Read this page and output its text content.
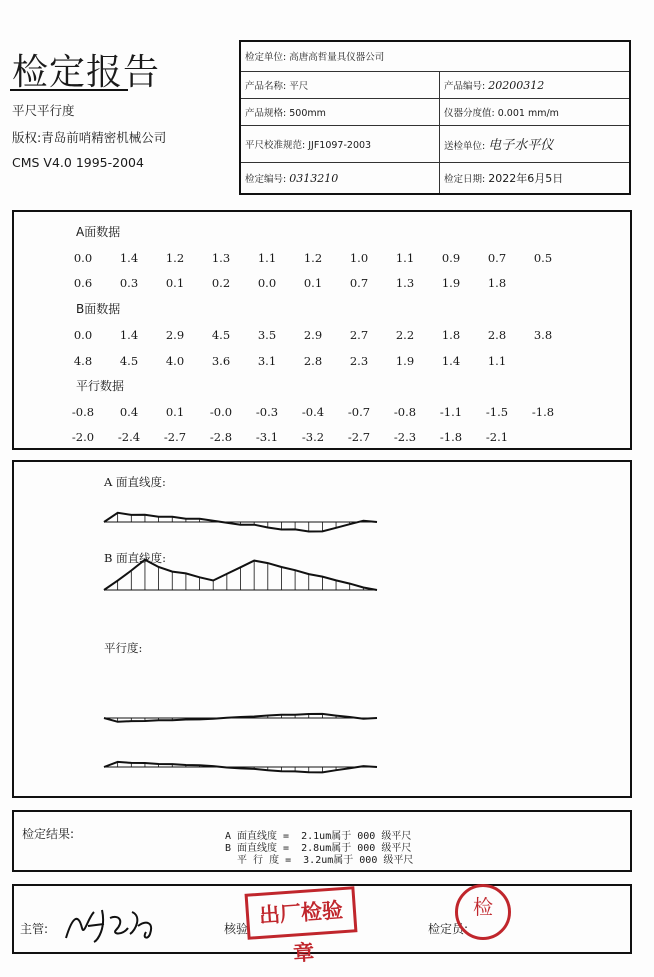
检定报告
平尺平行度
版权:青岛前哨精密机械公司
CMS V4.0 1995-2004
检定单位: 高唐高哲量具仪器公司	
产品名称: 平尺	产品编号: 20200312
产品规格: 500mm	仪器分度值: 0.001 mm/m
平尺校准规范: JJF1097-2003	送检单位: 电子水平仪
检定编号: 0313210	检定日期: 2022年6月5日
A面数据
0.0	1.4	1.2	1.3	1.1	1.2	1.0	1.1	0.9	0.7	0.5
0.6	0.3	0.1	0.2	0.0	0.1	0.7	1.3	1.9	1.8
B面数据
0.0	1.4	2.9	4.5	3.5	2.9	2.7	2.2	1.8	2.8	3.8
4.8	4.5	4.0	3.6	3.1	2.8	2.3	1.9	1.4	1.1
平行数据
-0.8	0.4	0.1	-0.0	-0.3	-0.4	-0.7	-0.8	-1.1	-1.5	-1.8
-2.0	-2.4	-2.7	-2.8	-3.1	-3.2	-2.7	-2.3	-1.8	-2.1
A 面直线度:
B 面直线度:
平行度:
检定结果:	A 面直线度 =  2.1um属于 000 级平尺
B 面直线度 =  2.8um属于 000 级平尺
平 行 度 =  3.2um属于 000 级平尺
主管:	核验
出厂检验章
检定员:
检
